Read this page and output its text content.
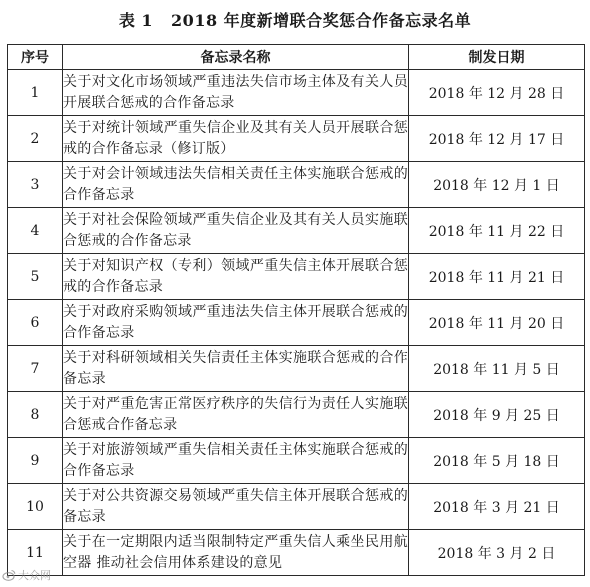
表 1 2018 年度新增联合奖惩合作备忘录名单
序号	备忘录名称	制发日期
1	关于对文化市场领域严重违法失信市场主体及有关人员开展联合惩戒的合作备忘录	2018 年 12 月 28 日
2	关于对统计领域严重失信企业及其有关人员开展联合惩戒的合作备忘录（修订版）	2018 年 12 月 17 日
3	关于对会计领域违法失信相关责任主体实施联合惩戒的合作备忘录	2018 年 12 月 1 日
4	关于对社会保险领域严重失信企业及其有关人员实施联合惩戒的合作备忘录	2018 年 11 月 22 日
5	关于对知识产权（专利）领域严重失信主体开展联合惩戒的合作备忘录	2018 年 11 月 21 日
6	关于对政府采购领域严重违法失信主体开展联合惩戒的合作备忘录	2018 年 11 月 20 日
7	关于对科研领域相关失信责任主体实施联合惩戒的合作备忘录	2018 年 11 月 5 日
8	关于对严重危害正常医疗秩序的失信行为责任人实施联合惩戒合作备忘录	2018 年 9 月 25 日
9	关于对旅游领域严重失信相关责任主体实施联合惩戒的合作备忘录	2018 年 5 月 18 日
10	关于对公共资源交易领域严重失信主体开展联合惩戒的备忘录	2018 年 3 月 21 日
11	关于在一定期限内适当限制特定严重失信人乘坐民用航空器 推动社会信用体系建设的意见	2018 年 3 月 2 日
大众网
